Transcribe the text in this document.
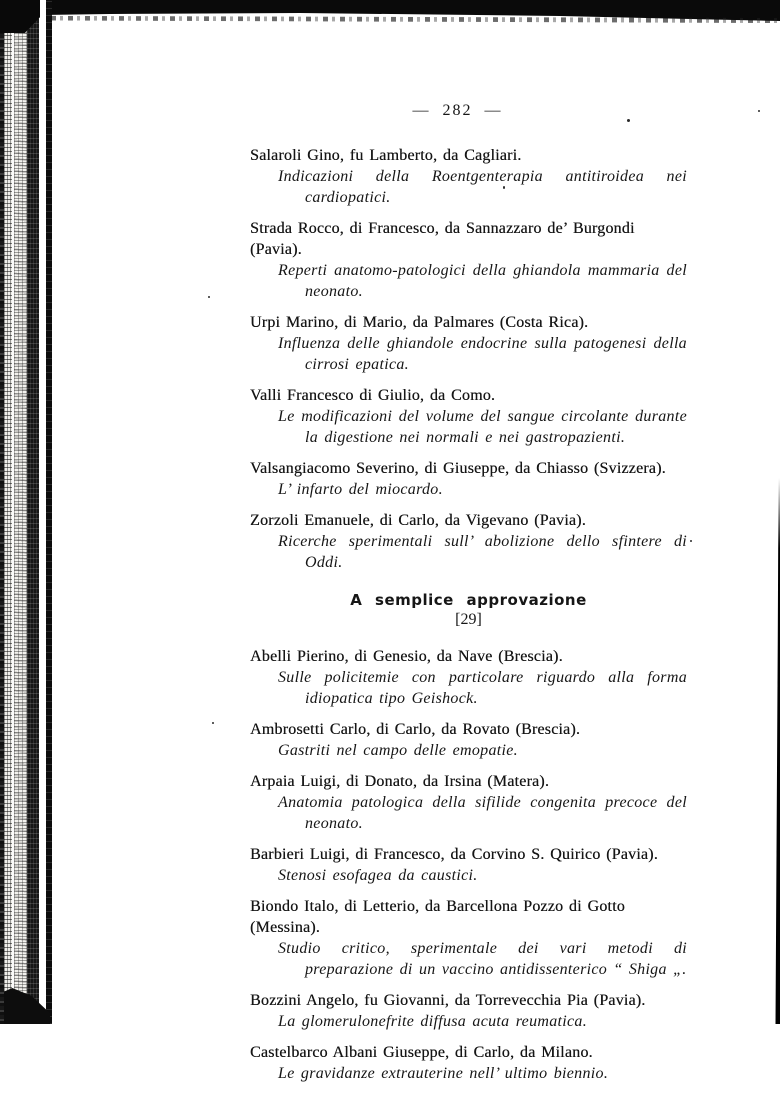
— 282 —

Salaroli Gino, fu Lamberto, da Cagliari.

Indicazioni della Roentgenterapia antitiroidea nei cardiopatici.

Strada Rocco, di Francesco, da Sannazzaro de’ Burgondi (Pavia).

Reperti anatomo-patologici della ghiandola mammaria del neonato.

Urpi Marino, di Mario, da Palmares (Costa Rica).

Influenza delle ghiandole endocrine sulla patogenesi della cirrosi epatica.

Valli Francesco di Giulio, da Como.

Le modificazioni del volume del sangue circolante durante la digestione nei normali e nei gastropazienti.

Valsangiacomo Severino, di Giuseppe, da Chiasso (Svizzera).

L’ infarto del miocardo.

Zorzoli Emanuele, di Carlo, da Vigevano (Pavia).

Ricerche sperimentali sull’ abolizione dello sfintere di Oddi.

A semplice approvazione

[29]

Abelli Pierino, di Genesio, da Nave (Brescia).

Sulle policitemie con particolare riguardo alla forma idiopatica tipo Geishock.

Ambrosetti Carlo, di Carlo, da Rovato (Brescia).

Gastriti nel campo delle emopatie.

Arpaia Luigi, di Donato, da Irsina (Matera).

Anatomia patologica della sifilide congenita precoce del neonato.

Barbieri Luigi, di Francesco, da Corvino S. Quirico (Pavia).

Stenosi esofagea da caustici.

Biondo Italo, di Letterio, da Barcellona Pozzo di Gotto (Messina).

Studio critico, sperimentale dei vari metodi di preparazione di un vaccino antidissenterico “ Shiga „.

Bozzini Angelo, fu Giovanni, da Torrevecchia Pia (Pavia).

La glomerulonefrite diffusa acuta reumatica.

Castelbarco Albani Giuseppe, di Carlo, da Milano.

Le gravidanze extrauterine nell’ ultimo biennio.
